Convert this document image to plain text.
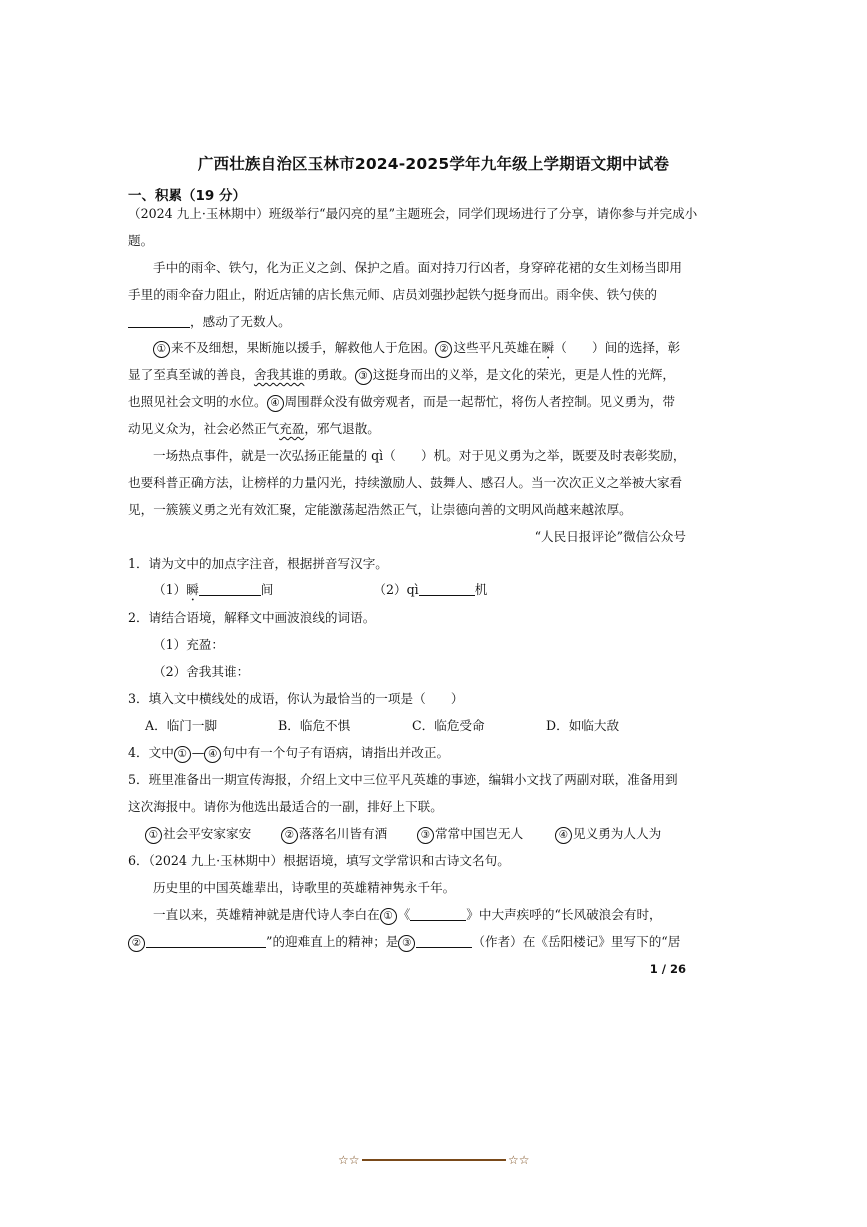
广西壮族自治区玉林市2024-2025学年九年级上学期语文期中试卷
一、积累（19 分）
（2024 九上·玉林期中）班级举行“最闪亮的星”主题班会，同学们现场进行了分享，请你参与并完成小
题。
手中的雨伞、铁勺，化为正义之剑、保护之盾。面对持刀行凶者，身穿碎花裙的女生刘杨当即用
手里的雨伞奋力阻止，附近店铺的店长焦元师、店员刘强抄起铁勺挺身而出。雨伞侠、铁勺侠的
，感动了无数人。
① 来不及细想，果断施以援手，解救他人于危困。 ② 这些平凡英雄在瞬（　　）间的选择，彰
显了至真至诚的善良，舍我其谁的勇敢。 ③ 这挺身而出的义举，是文化的荣光，更是人性的光辉，
也照见社会文明的水位。 ④ 周围群众没有做旁观者，而是一起帮忙，将伤人者控制。见义勇为，带
动见义众为，社会必然正气充盈，邪气退散。
一场热点事件，就是一次弘扬正能量的 qì（　　）机。对于见义勇为之举，既要及时表彰奖励，
也要科普正确方法，让榜样的力量闪光，持续激励人、鼓舞人、感召人。当一次次正义之举被大家看
见，一簇簇义勇之光有效汇聚，定能激荡起浩然正气，让崇德向善的文明风尚越来越浓厚。
“人民日报评论”微信公众号
1．请为文中的加点字注音，根据拼音写汉字。
（1）瞬	间	（2）qì	机
2．请结合语境，解释文中画波浪线的词语。
（1）充盈：
（2）舍我其谁：
3．填入文中横线处的成语，你认为最恰当的一项是（　　）
A．临门一脚	B．临危不惧	C．临危受命	D．如临大敌
4．文中 ① — ④ 句中有一个句子有语病，请指出并改正。
5．班里准备出一期宣传海报，介绍上文中三位平凡英雄的事迹，编辑小文找了两副对联，准备用到
这次海报中。请你为他选出最适合的一副，排好上下联。
① 社会平安家家安	② 落落名川皆有酒	③ 常常中国岂无人	④ 见义勇为人人为
6．（2024 九上·玉林期中）根据语境，填写文学常识和古诗文名句。
历史里的中国英雄辈出，诗歌里的英雄精神隽永千年。
一直以来，英雄精神就是唐代诗人李白在 ① 《	》中大声疾呼的“长风破浪会有时，
②	”的迎难直上的精神；是 ③	（作者）在《岳阳楼记》里写下的“居
1 / 26
☆☆	☆☆
